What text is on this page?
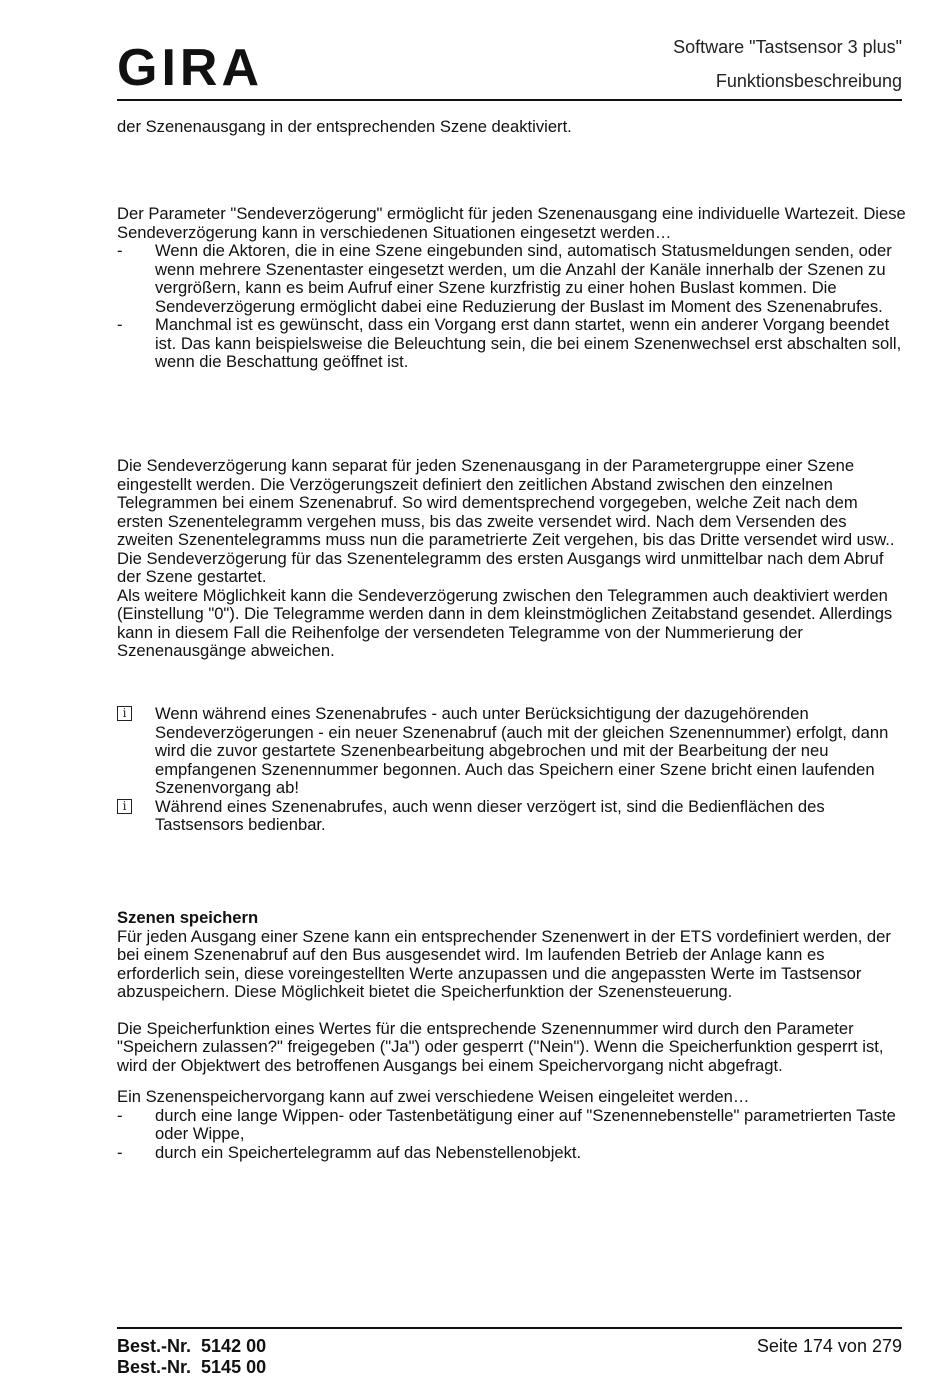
GIRA	Software "Tastsensor 3 plus"
Funktionsbeschreibung

der Szenenausgang in der entsprechenden Szene deaktiviert.

Der Parameter "Sendeverzögerung" ermöglicht für jeden Szenenausgang eine individuelle Wartezeit. Diese Sendeverzögerung kann in verschiedenen Situationen eingesetzt werden…

-	Wenn die Aktoren, die in eine Szene eingebunden sind, automatisch Statusmeldungen senden, oder wenn mehrere Szenentaster eingesetzt werden, um die Anzahl der Kanäle innerhalb der Szenen zu vergrößern, kann es beim Aufruf einer Szene kurzfristig zu einer hohen Buslast kommen. Die Sendeverzögerung ermöglicht dabei eine Reduzierung der Buslast im Moment des Szenenabrufes.
-	Manchmal ist es gewünscht, dass ein Vorgang erst dann startet, wenn ein anderer Vorgang beendet ist. Das kann beispielsweise die Beleuchtung sein, die bei einem Szenenwechsel erst abschalten soll, wenn die Beschattung geöffnet ist.

Die Sendeverzögerung kann separat für jeden Szenenausgang in der Parametergruppe einer Szene eingestellt werden. Die Verzögerungszeit definiert den zeitlichen Abstand zwischen den einzelnen Telegrammen bei einem Szenenabruf. So wird dementsprechend vorgegeben, welche Zeit nach dem ersten Szenentelegramm vergehen muss, bis das zweite versendet wird. Nach dem Versenden des zweiten Szenentelegramms muss nun die parametrierte Zeit vergehen, bis das Dritte versendet wird usw.. Die Sendeverzögerung für das Szenentelegramm des ersten Ausgangs wird unmittelbar nach dem Abruf der Szene gestartet.

Als weitere Möglichkeit kann die Sendeverzögerung zwischen den Telegrammen auch deaktiviert werden (Einstellung "0"). Die Telegramme werden dann in dem kleinstmöglichen Zeitabstand gesendet. Allerdings kann in diesem Fall die Reihenfolge der versendeten Telegramme von der Nummerierung der Szenenausgänge abweichen.

i	Wenn während eines Szenenabrufes - auch unter Berücksichtigung der dazugehörenden Sendeverzögerungen - ein neuer Szenenabruf (auch mit der gleichen Szenennummer) erfolgt, dann wird die zuvor gestartete Szenenbearbeitung abgebrochen und mit der Bearbeitung der neu empfangenen Szenennummer begonnen. Auch das Speichern einer Szene bricht einen laufenden Szenenvorgang ab!
i	Während eines Szenenabrufes, auch wenn dieser verzögert ist, sind die Bedienflächen des Tastsensors bedienbar.

Szenen speichern

Für jeden Ausgang einer Szene kann ein entsprechender Szenenwert in der ETS vordefiniert werden, der bei einem Szenenabruf auf den Bus ausgesendet wird. Im laufenden Betrieb der Anlage kann es erforderlich sein, diese voreingestellten Werte anzupassen und die angepassten Werte im Tastsensor abzuspeichern. Diese Möglichkeit bietet die Speicherfunktion der Szenensteuerung.

Die Speicherfunktion eines Wertes für die entsprechende Szenennummer wird durch den Parameter "Speichern zulassen?" freigegeben ("Ja") oder gesperrt ("Nein"). Wenn die Speicherfunktion gesperrt ist, wird der Objektwert des betroffenen Ausgangs bei einem Speichervorgang nicht abgefragt.

Ein Szenenspeichervorgang kann auf zwei verschiedene Weisen eingeleitet werden…

-	durch eine lange Wippen- oder Tastenbetätigung einer auf "Szenennebenstelle" parametrierten Taste oder Wippe,
-	durch ein Speichertelegramm auf das Nebenstellenobjekt.
Best.-Nr. 5142 00
Best.-Nr. 5145 00
Seite 174 von 279
